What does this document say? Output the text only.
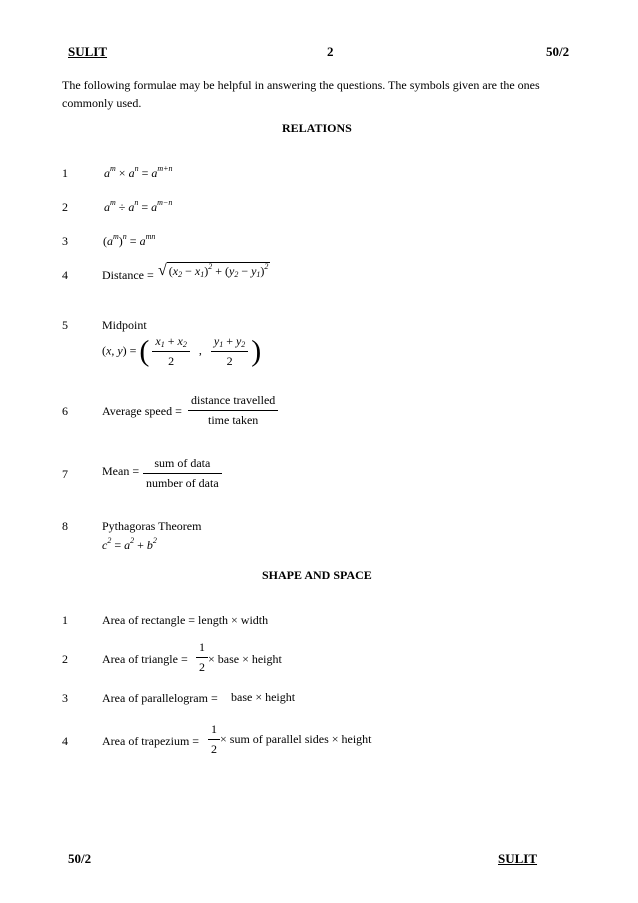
SULIT	2	50/2
The following formulae may be helpful in answering the questions. The symbols given are the ones commonly used.
RELATIONS
1	$a^m \times a^n = a^{m+n}$
2	$a^m \div a^n = a^{m-n}$
3	$(a^m)^n = a^{mn}$
4	Distance = √ $(x_2 - x_1)^2 + (y_2 - y_1)^2$
5	Midpoint
(x, y) = ( $\frac{x_1 + x_2}{2}$ , $\frac{y_1 + y_2}{2}$ )
6	Average speed = $\frac{\text{distance travelled}}{\text{time taken}}$
7	Mean = $\frac{\text{sum of data}}{\text{number of data}}$
8	Pythagoras Theorem
$c^2 = a^2 + b^2$
SHAPE AND SPACE
1	Area of rectangle = length × width
2	Area of triangle = $\frac{1}{2}$ × base × height
3	Area of parallelogram = base × height
4	Area of trapezium = $\frac{1}{2}$ × sum of parallel sides × height
50/2	SULIT
